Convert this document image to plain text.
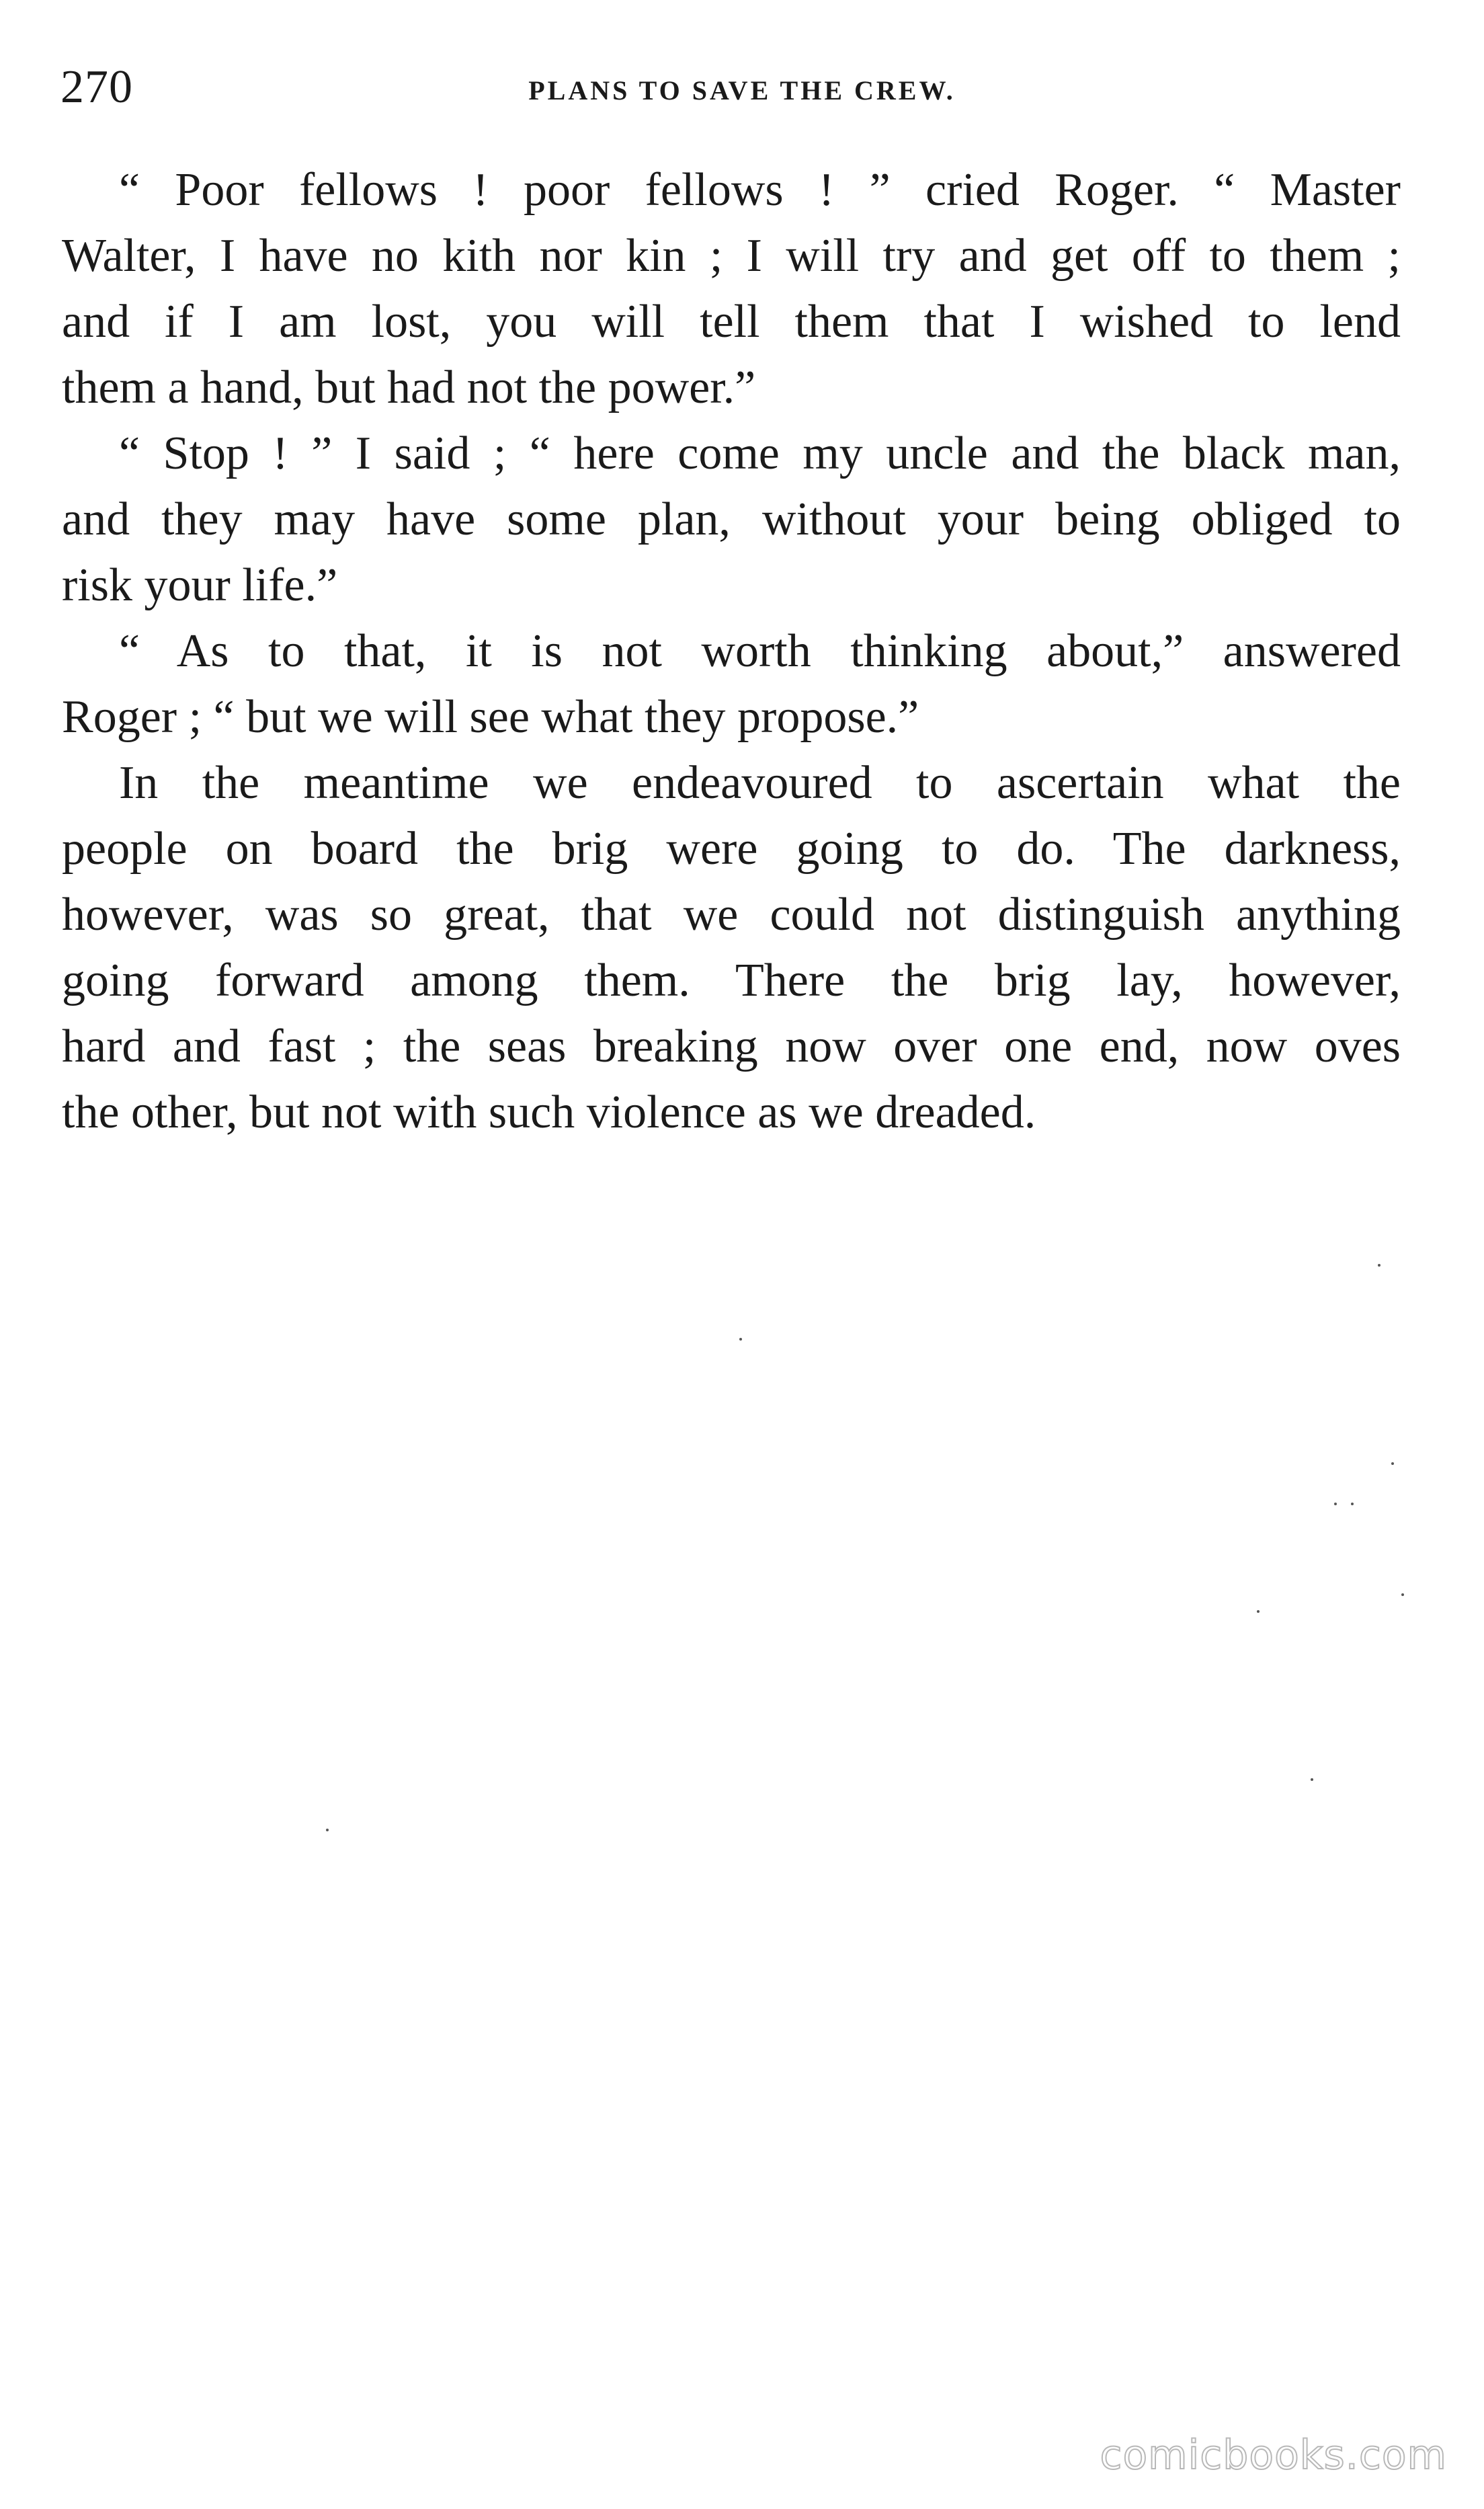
270	PLANS TO SAVE THE CREW.
“ Poor fellows ! poor fellows ! ” cried Roger. “ Master
Walter, I have no kith nor kin ; I will try and get off to them ;
and if I am lost, you will tell them that I wished to lend
them a hand, but had not the power.”
“ Stop ! ” I said ; “ here come my uncle and the black man,
and they may have some plan, without your being obliged to
risk your life.”
“ As to that, it is not worth thinking about,” answered
Roger ; “ but we will see what they propose.”
In the meantime we endeavoured to ascertain what the
people on board the brig were going to do. The darkness,
however, was so great, that we could not distinguish anything
going forward among them. There the brig lay, however,
hard and fast ; the seas breaking now over one end, now oves
the other, but not with such violence as we dreaded.
comicbooks.com
